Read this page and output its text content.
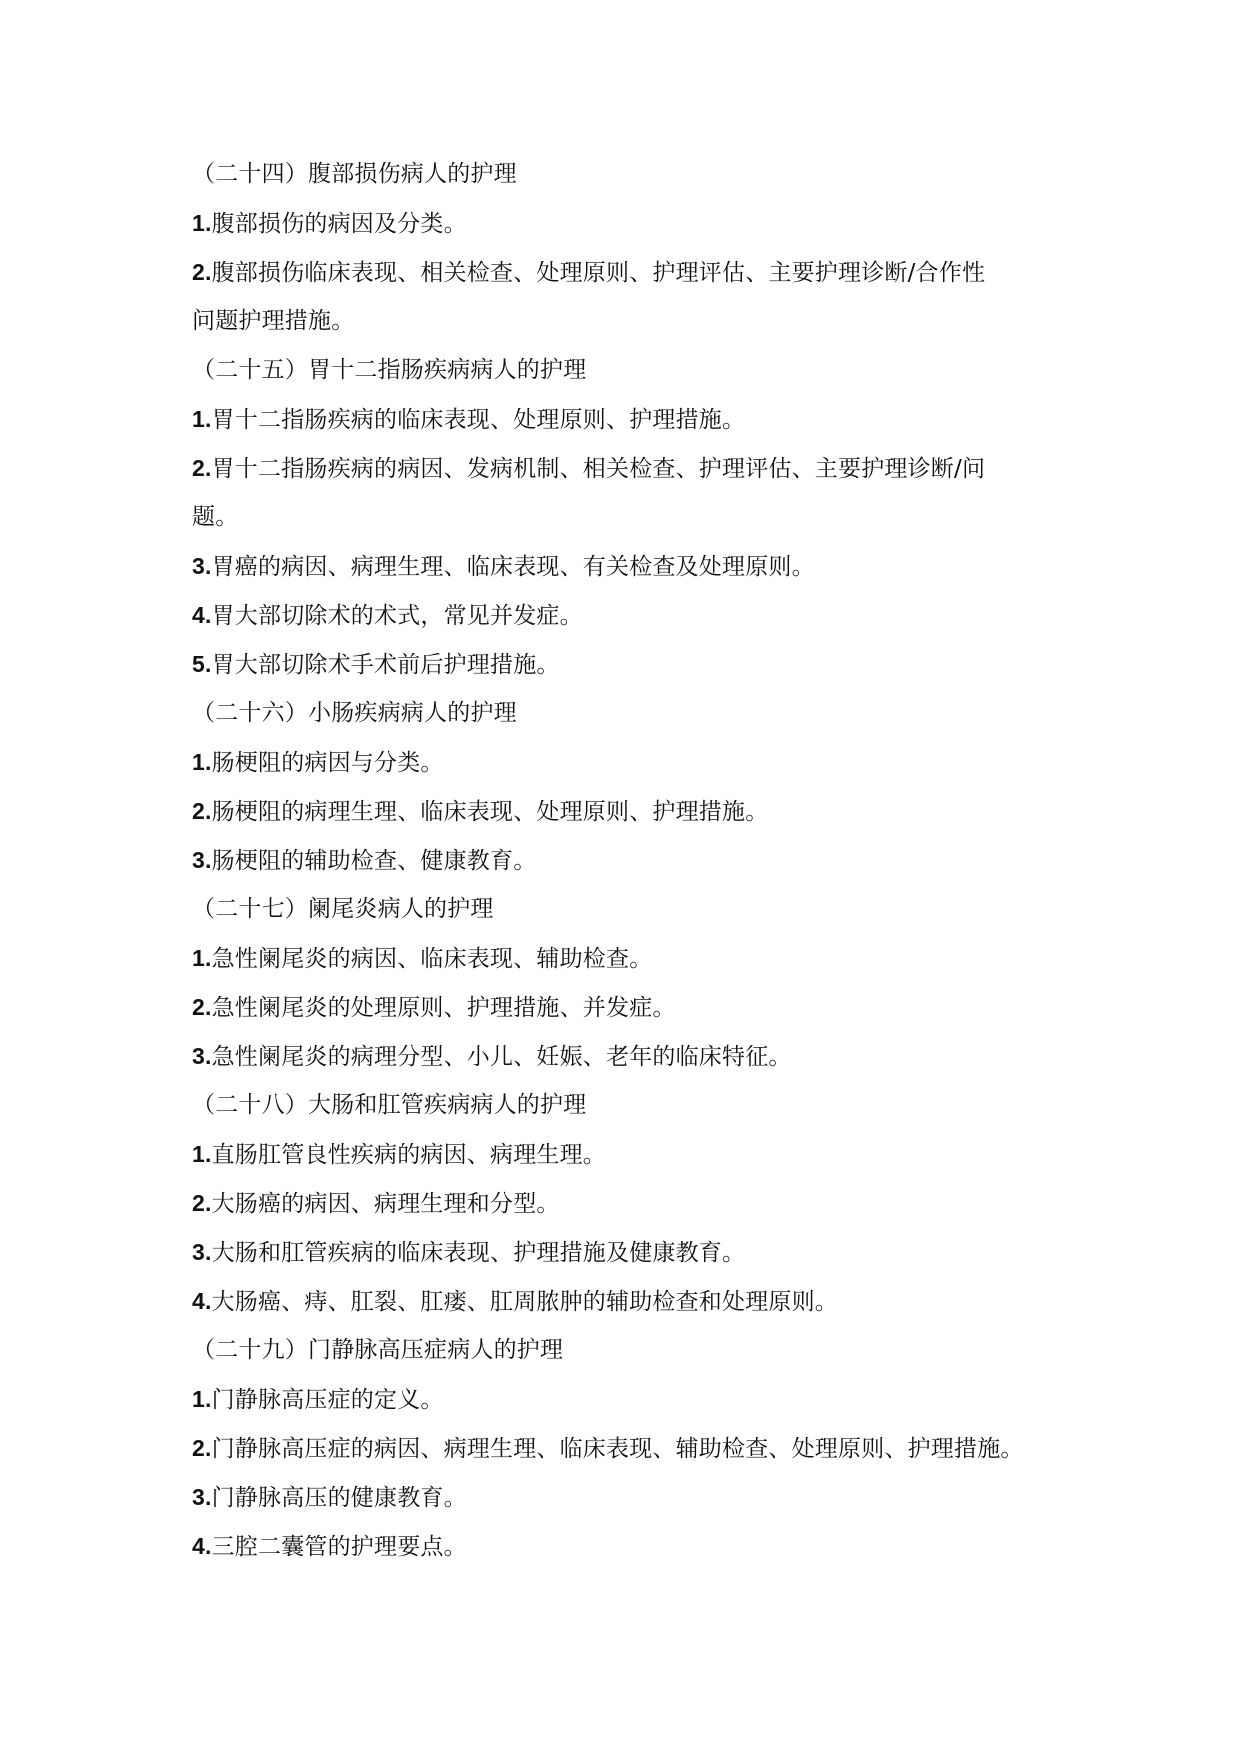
（二十四）腹部损伤病人的护理
1.腹部损伤的病因及分类。
2.腹部损伤临床表现、相关检查、处理原则、护理评估、主要护理诊断/合作性
问题护理措施。
（二十五）胃十二指肠疾病病人的护理
1.胃十二指肠疾病的临床表现、处理原则、护理措施。
2.胃十二指肠疾病的病因、发病机制、相关检查、护理评估、主要护理诊断/问
题。
3.胃癌的病因、病理生理、临床表现、有关检查及处理原则。
4.胃大部切除术的术式，常见并发症。
5.胃大部切除术手术前后护理措施。
（二十六）小肠疾病病人的护理
1.肠梗阻的病因与分类。
2.肠梗阻的病理生理、临床表现、处理原则、护理措施。
3.肠梗阻的辅助检查、健康教育。
（二十七）阑尾炎病人的护理
1.急性阑尾炎的病因、临床表现、辅助检查。
2.急性阑尾炎的处理原则、护理措施、并发症。
3.急性阑尾炎的病理分型、小儿、妊娠、老年的临床特征。
（二十八）大肠和肛管疾病病人的护理
1.直肠肛管良性疾病的病因、病理生理。
2.大肠癌的病因、病理生理和分型。
3.大肠和肛管疾病的临床表现、护理措施及健康教育。
4.大肠癌、痔、肛裂、肛瘘、肛周脓肿的辅助检查和处理原则。
（二十九）门静脉高压症病人的护理
1.门静脉高压症的定义。
2.门静脉高压症的病因、病理生理、临床表现、辅助检查、处理原则、护理措施。
3.门静脉高压的健康教育。
4.三腔二囊管的护理要点。
